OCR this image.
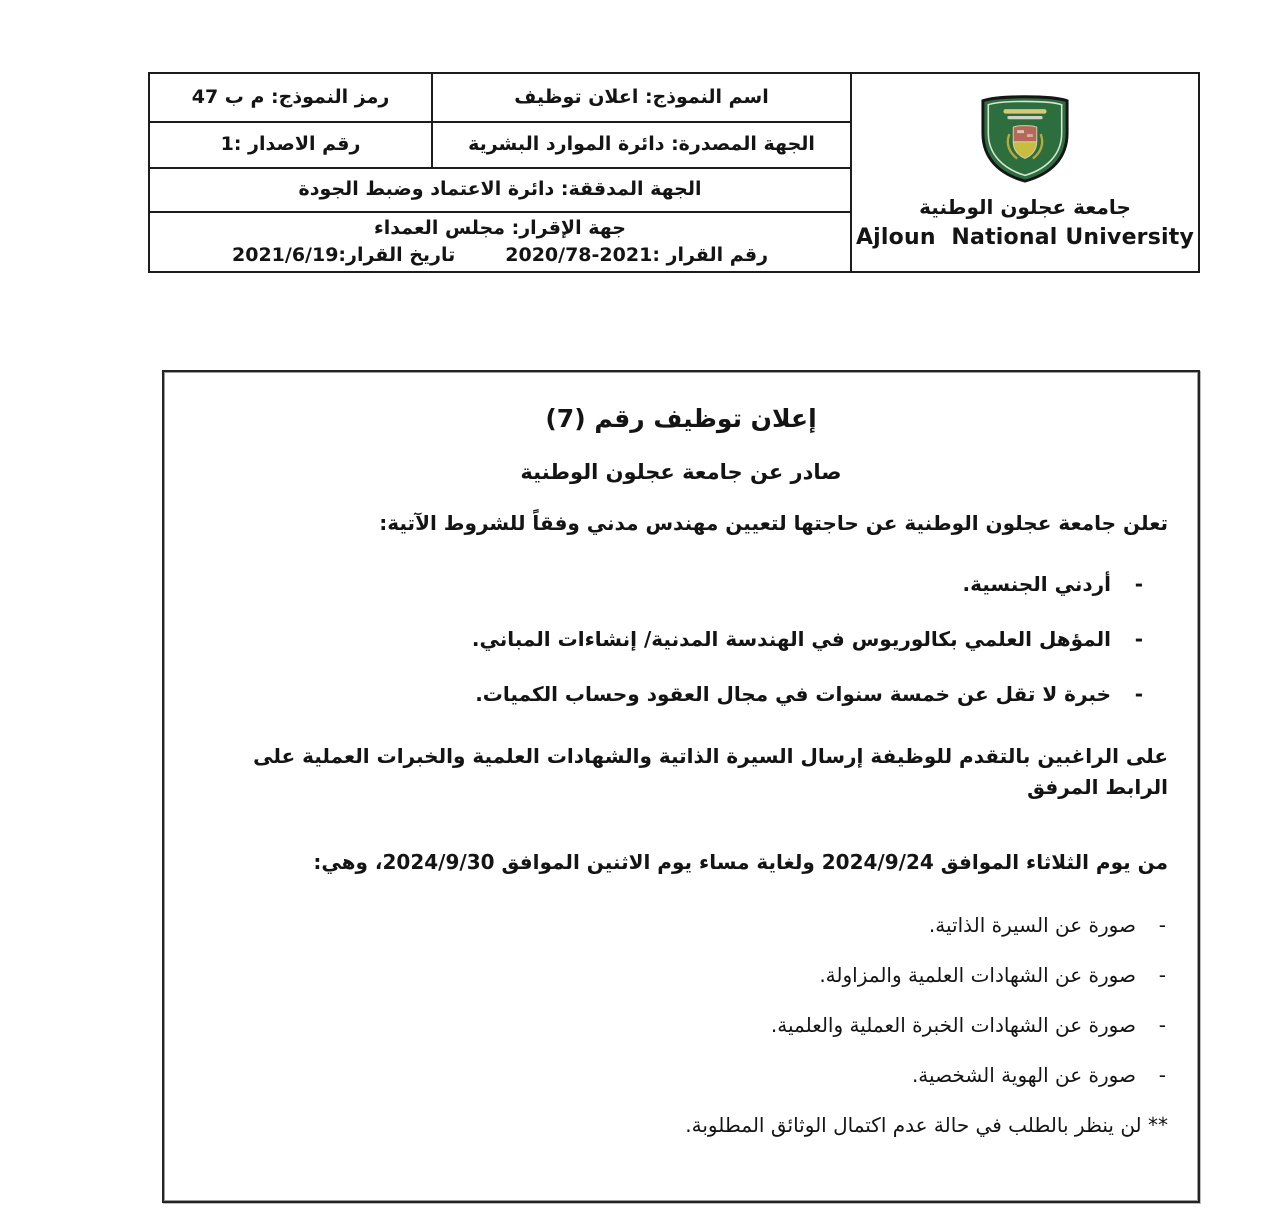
جامعة عجلون الوطنية
Ajloun  National University	اسم النموذج: اعلان توظيف	رمز النموذج: م ب 47
	الجهة المصدرة: دائرة الموارد البشرية	رقم الاصدار :1
	الجهة المدققة: دائرة الاعتماد وضبط الجودة	

	جهة الإقرار: مجلس العمداء
رقم القرار :2021-2020/78
تاريخ القرار:2021/6/19	
إعلان توظيف رقم (7)
صادر عن جامعة عجلون الوطنية

تعلن جامعة عجلون الوطنية عن حاجتها لتعيين مهندس مدني وفقاً للشروط الآتية:

- أردني الجنسية.
- المؤهل العلمي بكالوريوس في الهندسة المدنية/ إنشاءات المباني.
- خبرة لا تقل عن خمسة سنوات في مجال العقود وحساب الكميات.

على الراغبين بالتقدم للوظيفة إرسال السيرة الذاتية والشهادات العلمية والخبرات العملية على الرابط المرفق

من يوم الثلاثاء الموافق 2024/9/24 ولغاية مساء يوم الاثنين الموافق 2024/9/30، وهي:

- صورة عن السيرة الذاتية.
- صورة عن الشهادات العلمية والمزاولة.
- صورة عن الشهادات الخبرة العملية والعلمية.
- صورة عن الهوية الشخصية.

** لن ينظر بالطلب في حالة عدم اكتمال الوثائق المطلوبة.
